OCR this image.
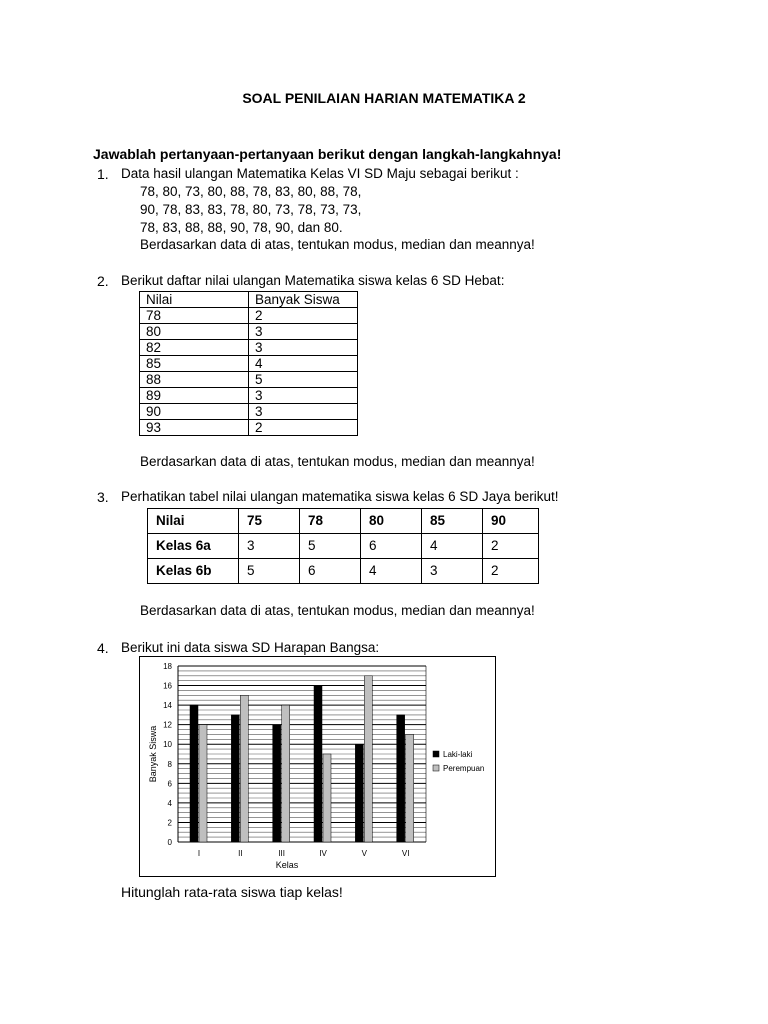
SOAL PENILAIAN HARIAN MATEMATIKA 2
Jawablah pertanyaan-pertanyaan berikut dengan langkah-langkahnya!
1. Data hasil ulangan Matematika Kelas VI SD Maju sebagai berikut :
78, 80, 73, 80, 88, 78, 83, 80, 88, 78,
90, 78, 83, 83, 78, 80, 73, 78, 73, 73,
78, 83, 88, 88, 90, 78, 90, dan 80.
Berdasarkan data di atas, tentukan modus, median dan meannya!
2. Berikut daftar nilai ulangan Matematika siswa kelas 6 SD Hebat:
Nilai	Banyak Siswa
78	2
80	3
82	3
85	4
88	5
89	3
90	3
93	2
Berdasarkan data di atas, tentukan modus, median dan meannya!
3. Perhatikan tabel nilai ulangan matematika siswa kelas 6 SD Jaya berikut!
Nilai	75	78	80	85	90
Kelas 6a	3	5	6	4	2
Kelas 6b	5	6	4	3	2
Berdasarkan data di atas, tentukan modus, median dan meannya!
4. Berikut ini data siswa SD Harapan Bangsa:
0
2
4
6
8
10
12
14
16
18
I	II	III	IV	V	VI
Kelas
Banyak Siswa	Laki-laki
Perempuan
Hitunglah rata-rata siswa tiap kelas!
